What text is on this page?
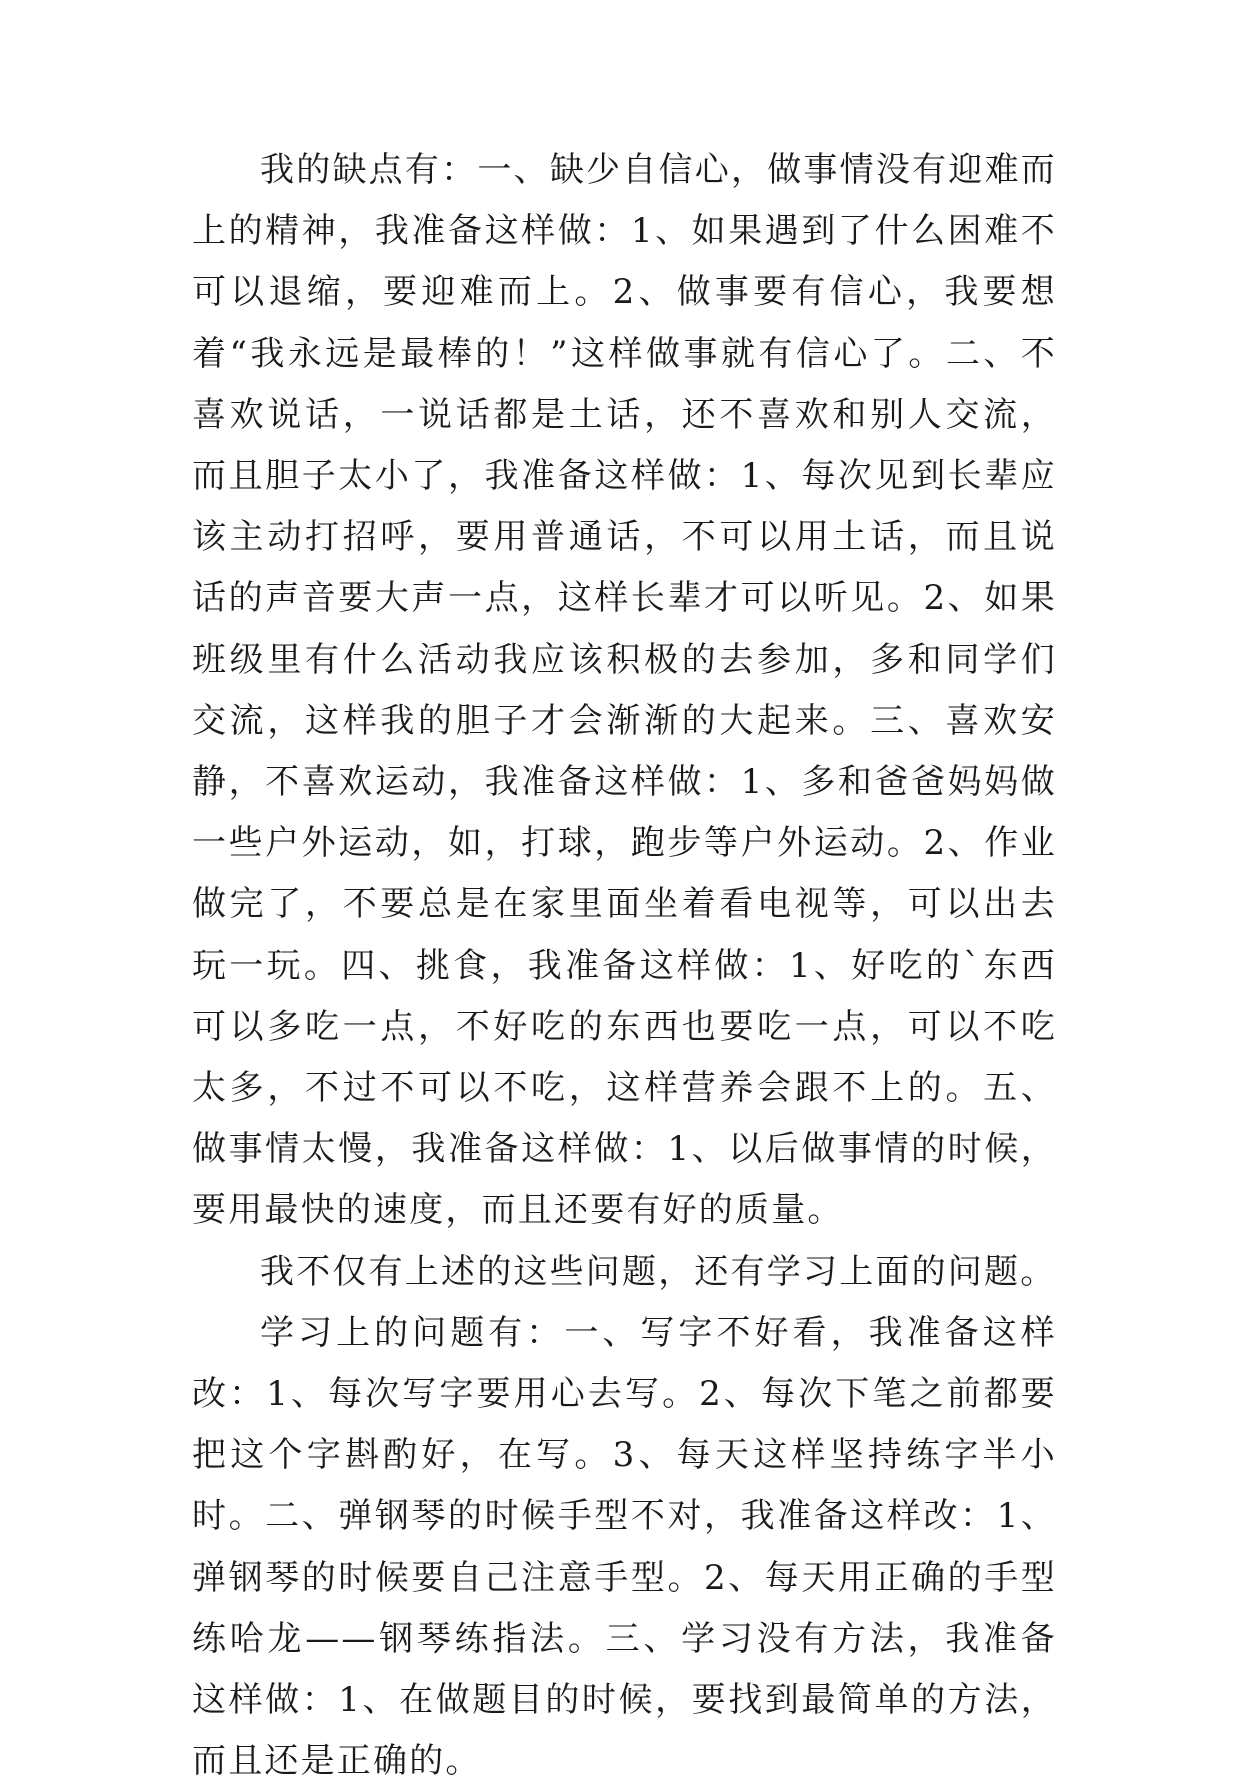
我的缺点有：一、缺少自信心，做事情没有迎难而上的精神，我准备这样做：1、如果遇到了什么困难不可以退缩，要迎难而上。2、做事要有信心，我要想着“我永远是最棒的！”这样做事就有信心了。二、不喜欢说话，一说话都是土话，还不喜欢和别人交流，而且胆子太小了，我准备这样做：1、每次见到长辈应该主动打招呼，要用普通话，不可以用土话，而且说话的声音要大声一点，这样长辈才可以听见。2、如果班级里有什么活动我应该积极的去参加，多和同学们交流，这样我的胆子才会渐渐的大起来。三、喜欢安静，不喜欢运动，我准备这样做：1、多和爸爸妈妈做一些户外运动，如，打球，跑步等户外运动。2、作业做完了，不要总是在家里面坐着看电视等，可以出去玩一玩。四、挑食，我准备这样做：1、好吃的`东西可以多吃一点，不好吃的东西也要吃一点，可以不吃太多，不过不可以不吃，这样营养会跟不上的。五、做事情太慢，我准备这样做：1、以后做事情的时候，要用最快的速度，而且还要有好的质量。

我不仅有上述的这些问题，还有学习上面的问题。

学习上的问题有：一、写字不好看，我准备这样改：1、每次写字要用心去写。2、每次下笔之前都要把这个字斟酌好，在写。3、每天这样坚持练字半小时。二、弹钢琴的时候手型不对，我准备这样改：1、弹钢琴的时候要自己注意手型。2、每天用正确的手型练哈龙——钢琴练指法。三、学习没有方法，我准备这样做：1、在做题目的时候，要找到最简单的方法，而且还是正确的。
